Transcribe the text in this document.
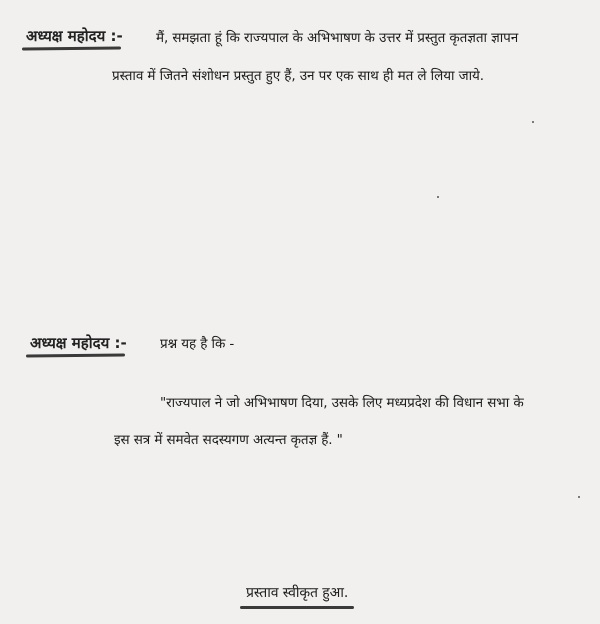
अध्यक्ष महोदय :- मैं, समझता हूं कि राज्यपाल के अभिभाषण के उत्तर में प्रस्तुत कृतज्ञता ज्ञापन
प्रस्ताव में जितने संशोधन प्रस्तुत हुए हैं, उन पर एक साथ ही मत ले लिया जाये.
अध्यक्ष महोदय :- प्रश्न यह है कि -
"राज्यपाल ने जो अभिभाषण दिया, उसके लिए मध्यप्रदेश की विधान सभा के
इस सत्र में समवेत सदस्यगण अत्यन्त कृतज्ञ हैं. "
प्रस्ताव स्वीकृत हुआ.
